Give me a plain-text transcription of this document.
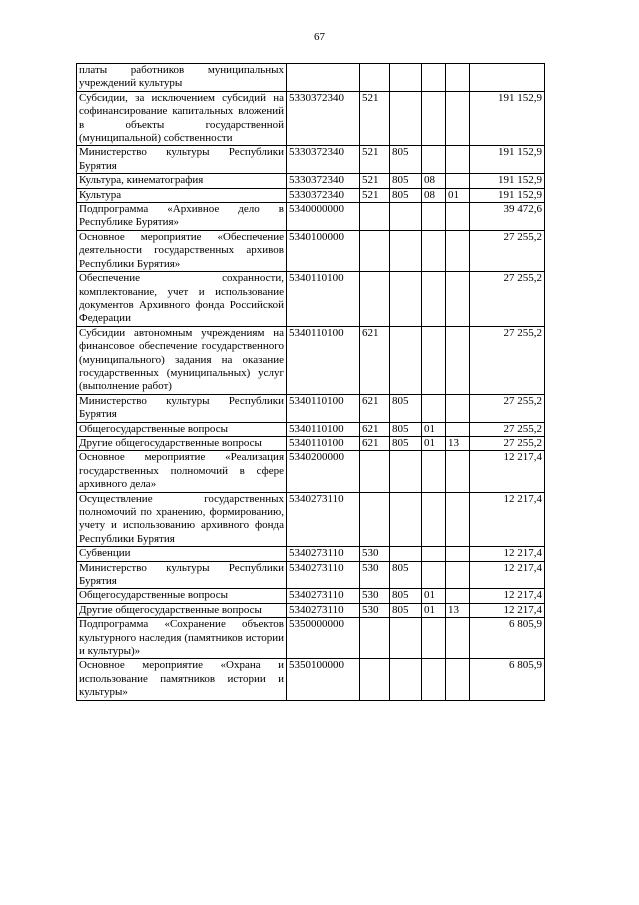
67
платы работников муниципальных учреждений культуры						
Субсидии, за исключением субсидий на софинансирование капитальных вложений в объекты государственной (муниципальной) собственности	5330372340	521				191 152,9
Министерство культуры Республики Бурятия	5330372340	521	805			191 152,9
Культура, кинематография	5330372340	521	805	08		191 152,9
Культура	5330372340	521	805	08	01	191 152,9
Подпрограмма «Архивное дело в Республике Бурятия»	5340000000					39 472,6
Основное мероприятие «Обеспечение деятельности государственных архивов Республики Бурятия»	5340100000					27 255,2
Обеспечение сохранности, комплектование, учет и использование документов Архивного фонда Российской Федерации	5340110100					27 255,2
Субсидии автономным учреждениям на финансовое обеспечение государственного (муниципального) задания на оказание государственных (муниципальных) услуг (выполнение работ)	5340110100	621				27 255,2
Министерство культуры Республики Бурятия	5340110100	621	805			27 255,2
Общегосударственные вопросы	5340110100	621	805	01		27 255,2
Другие общегосударственные вопросы	5340110100	621	805	01	13	27 255,2
Основное мероприятие «Реализация государственных полномочий в сфере архивного дела»	5340200000					12 217,4
Осуществление государственных полномочий по хранению, формированию, учету и использованию архивного фонда Республики Бурятия	5340273110					12 217,4
Субвенции	5340273110	530				12 217,4
Министерство культуры Республики Бурятия	5340273110	530	805			12 217,4
Общегосударственные вопросы	5340273110	530	805	01		12 217,4
Другие общегосударственные вопросы	5340273110	530	805	01	13	12 217,4
Подпрограмма «Сохранение объектов культурного наследия (памятников истории и культуры)»	5350000000					6 805,9
Основное мероприятие «Охрана и использование памятников истории и культуры»	5350100000					6 805,9
